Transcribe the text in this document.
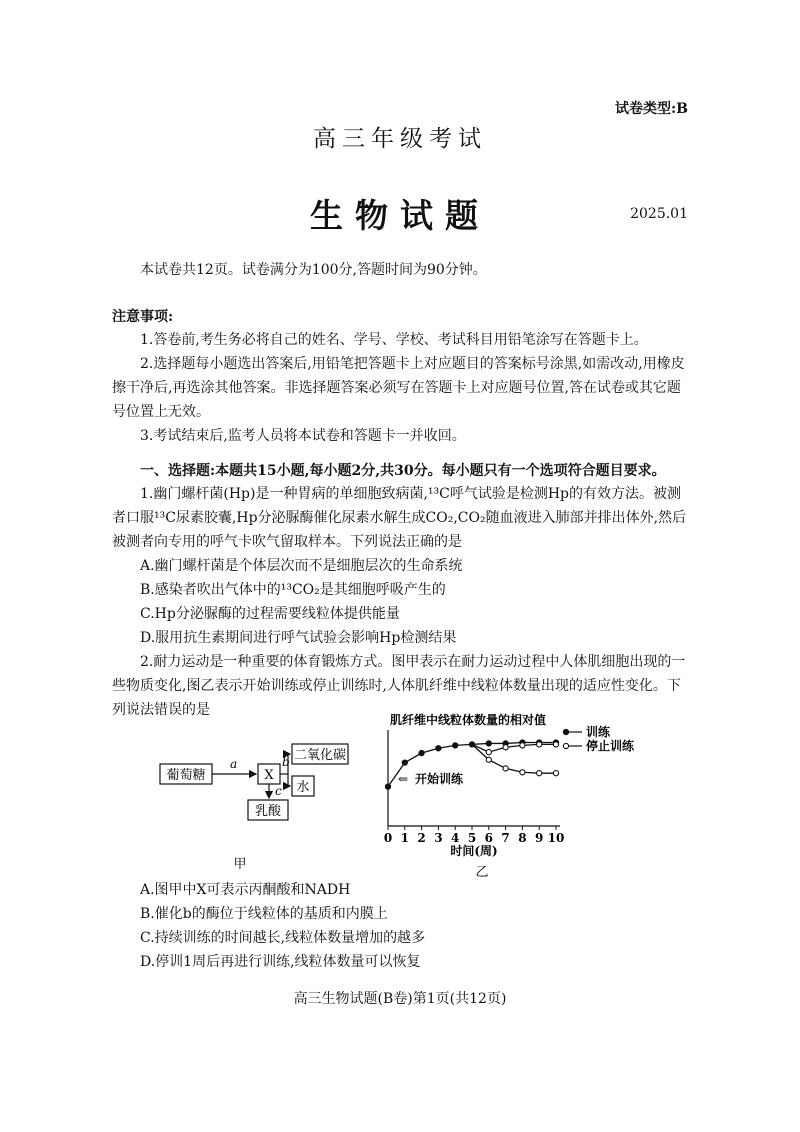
试卷类型:B
高三年级考试
生物试题	2025.01
本试卷共12页。试卷满分为100分,答题时间为90分钟。
注意事项:
1.答卷前,考生务必将自己的姓名、学号、学校、考试科目用铅笔涂写在答题卡上。
2.选择题每小题选出答案后,用铅笔把答题卡上对应题目的答案标号涂黑,如需改动,用橡皮擦干净后,再选涂其他答案。非选择题答案必须写在答题卡上对应题号位置,答在试卷或其它题号位置上无效。
3.考试结束后,监考人员将本试卷和答题卡一并收回。
一、选择题:本题共15小题,每小题2分,共30分。每小题只有一个选项符合题目要求。
1.幽门螺杆菌(Hp)是一种胃病的单细胞致病菌,¹³C呼气试验是检测Hp的有效方法。被测者口服¹³C尿素胶囊,Hp分泌脲酶催化尿素水解生成CO₂,CO₂随血液进入肺部并排出体外,然后被测者向专用的呼气卡吹气留取样本。下列说法正确的是
A.幽门螺杆菌是个体层次而不是细胞层次的生命系统
B.感染者吹出气体中的¹³CO₂是其细胞呼吸产生的
C.Hp分泌脲酶的过程需要线粒体提供能量
D.服用抗生素期间进行呼气试验会影响Hp检测结果
2.耐力运动是一种重要的体育锻炼方式。图甲表示在耐力运动过程中人体肌细胞出现的一些物质变化,图乙表示开始训练或停止训练时,人体肌纤维中线粒体数量出现的适应性变化。下列说法错误的是
葡萄糖
a
X
b 二氧化碳
水
c
乳酸
甲
肌纤维中线粒体数量的相对值
0 1 2 3 4 5 6 7 8 9 10
训练
停止训练
开始训练
⇐
时间(周)
乙
A.图甲中X可表示丙酮酸和NADH
B.催化b的酶位于线粒体的基质和内膜上
C.持续训练的时间越长,线粒体数量增加的越多
D.停训1周后再进行训练,线粒体数量可以恢复
高三生物试题(B卷)第1页(共12页)
